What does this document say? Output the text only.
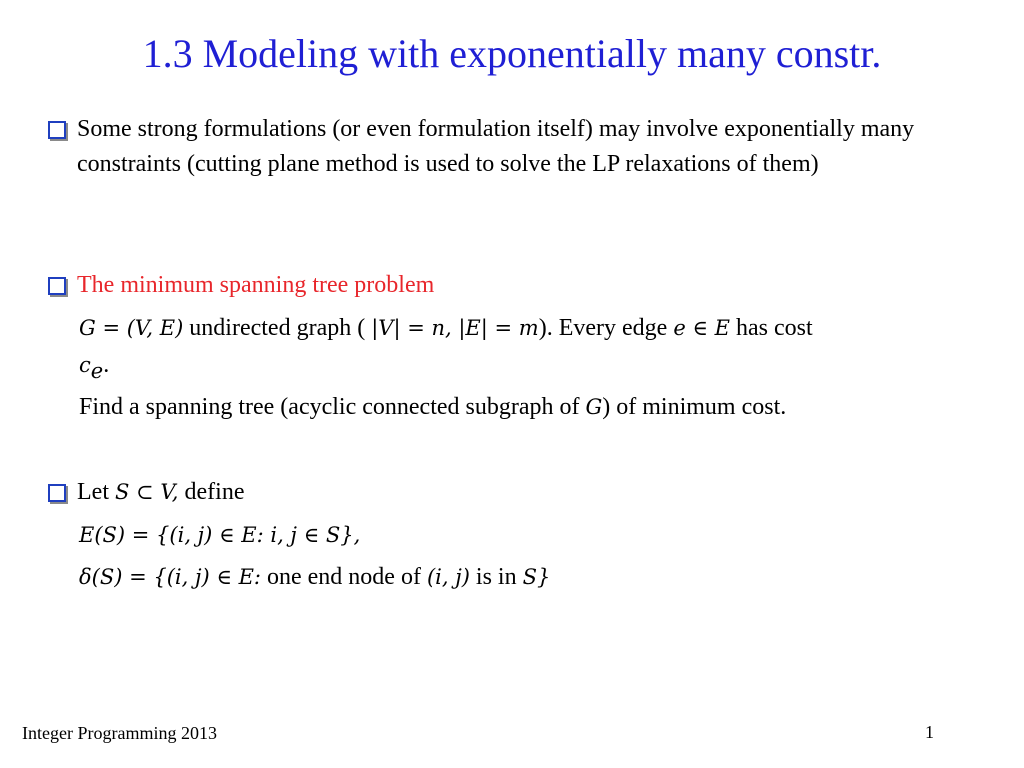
1.3 Modeling with exponentially many constr.
Some strong formulations (or even formulation itself) may involve exponentially many constraints (cutting plane method is used to solve the LP relaxations of them)
The minimum spanning tree problem
G = (V, E) undirected graph ( |V| = n, |E| = m). Every edge e ∈ E has cost
$c_e$.
Find a spanning tree (acyclic connected subgraph of G) of minimum cost.
Let S ⊂ V, define
E(S) = {(i, j) ∈ E: i, j ∈ S},
δ(S) = {(i, j) ∈ E: one end node of (i, j) is in S}
Integer Programming 2013	1
